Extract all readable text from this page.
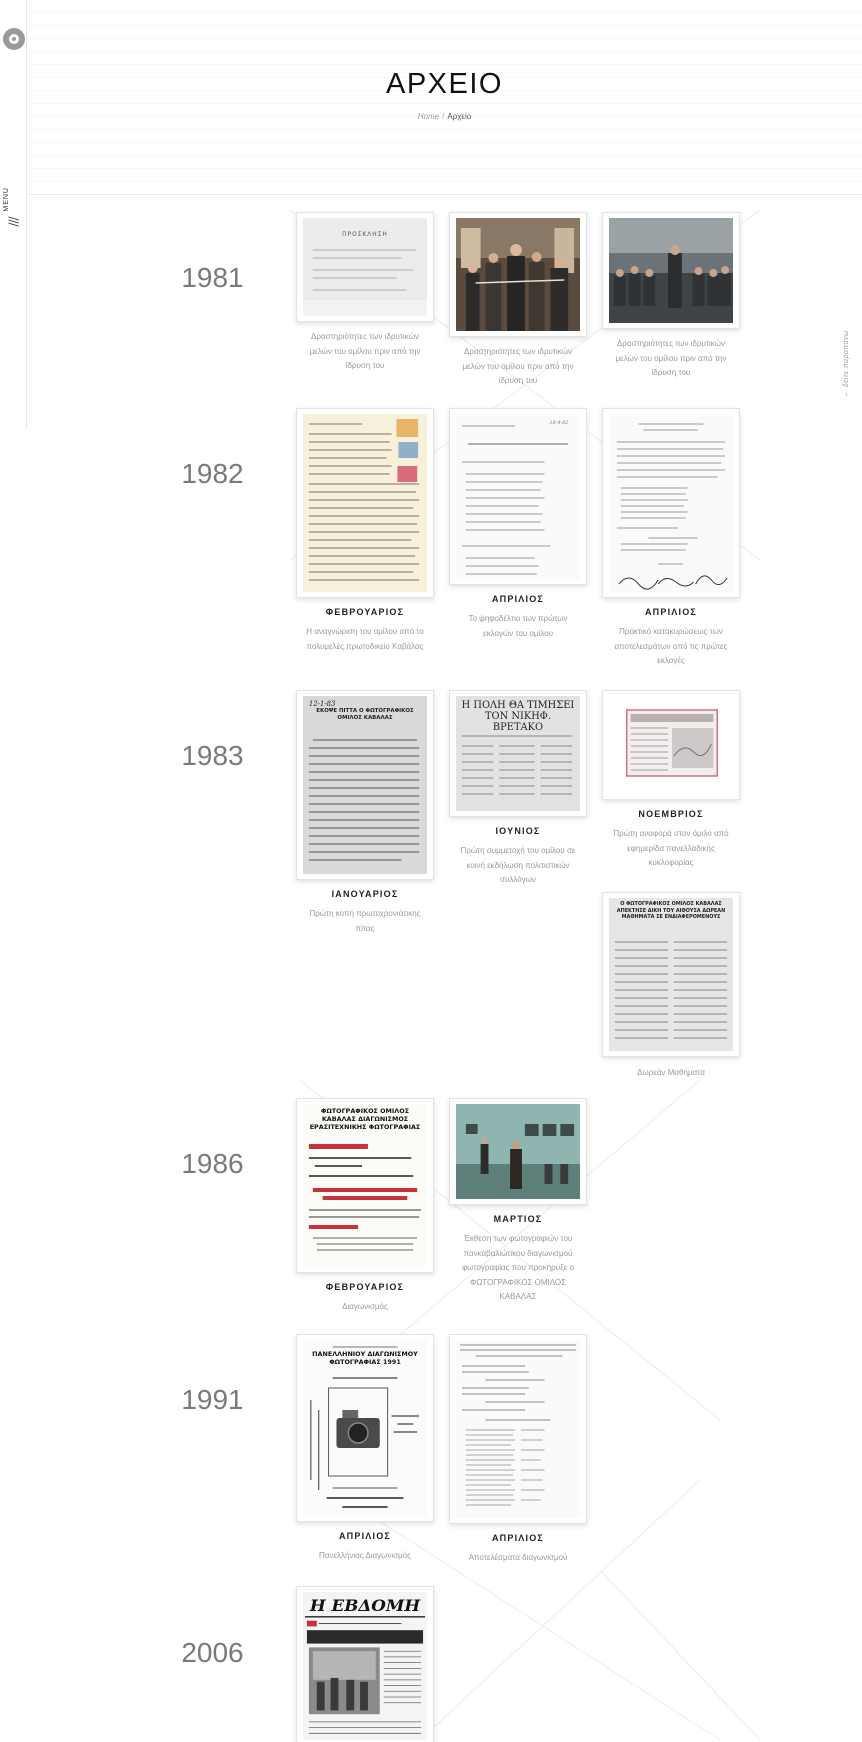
MENU
///
← δείτε παραπάνω
ΑΡΧΕΙΟ
Home / Αρχείο
1981
ΠΡΟΣΚΛΗΣΗ
Δραστηριότητες των ιδρυτικών μελών του ομίλου πριν από την ίδρυση του
Δραστηριότητες των ιδρυτικών μελών του ομίλου πριν από την ίδρυση του
Δραστηριότητες των ιδρυτικών μελών του ομίλου πριν από την ίδρυση του
1982
ΦΕΒΡΟΥΑΡΙΟΣ
Η αναγνώριση του ομίλου από το πολυμελές πρωτοδικείο Καβάλας
16-4-82
ΑΠΡΙΛΙΟΣ
Το ψηφοδέλτιο των πρώτων εκλογών του ομίλου
ΑΠΡΙΛΙΟΣ
Προκτικό κατακυρώσεως των αποτελεσμάτων από τις πρώτες εκλογές
1983
12-1-83
ΕΚΟΨΕ ΠΙΤΤΑ Ο ΦΩΤΟΓΡΑΦΙΚΟΣ ΟΜΙΛΟΣ ΚΑΒΑΛΑΣ
ΙΑΝΟΥΑΡΙΟΣ
Πρώτη κοπή πρωτοχρονιάτικης πίτας
Η ΠΟΛΗ ΘΑ ΤΙΜΗΣΕΙ ΤΟΝ ΝΙΚΗΦ. ΒΡΕΤΑΚΟ
ΙΟΥΝΙΟΣ
Πρώτη συμμετοχή του ομίλου σε κοινή εκδήλωση πολιτιστικών συλλόγων
ΝΟΕΜΒΡΙΟΣ
Πρώτη αναφορά στον όμιλο από εφημερίδα πανελλαδικής κυκλοφορίας
Ο ΦΩΤΟΓΡΑΦΙΚΟΣ ΟΜΙΛΟΣ ΚΑΒΑΛΑΣ ΑΠΕΚΤΗΣΕ ΔΙΚΗ ΤΟΥ ΑΙΘΟΥΣΑ ΔΩΡΕΑΝ ΜΑΘΗΜΑΤΑ ΣΕ ΕΝΔΙΑΦΕΡΟΜΕΝΟΥΣ
Δωρεάν Μαθήματα
1986
ΦΩΤΟΓΡΑΦΙΚΟΣ ΟΜΙΛΟΣ ΚΑΒΑΛΑΣ ΔΙΑΓΩΝΙΣΜΟΣ ΕΡΑΣΙΤΕΧΝΙΚΗΣ ΦΩΤΟΓΡΑΦΙΑΣ
ΦΕΒΡΟΥΑΡΙΟΣ
Διαγωνισμός
ΜΑΡΤΙΟΣ
Έκθεση των φωτογραφιών του πανκαβαλιώτικου διαγωνισμού φωτογραφίας που προκήρυξε ο ΦΩΤΟΓΡΑΦΙΚΟΣ ΟΜΙΛΟΣ ΚΑΒΑΛΑΣ
1991
ΠΑΝΕΛΛΗΝΙΟΥ ΔΙΑΓΩΝΙΣΜΟΥ ΦΩΤΟΓΡΑΦΙΑΣ 1991
ΑΠΡΙΛΙΟΣ
Πανελλήνιος Διαγωνισμός
ΑΠΡΙΛΙΟΣ
Αποτελέσματα διαγωνισμού
2006
Η ΕΒΔΟΜΗ
